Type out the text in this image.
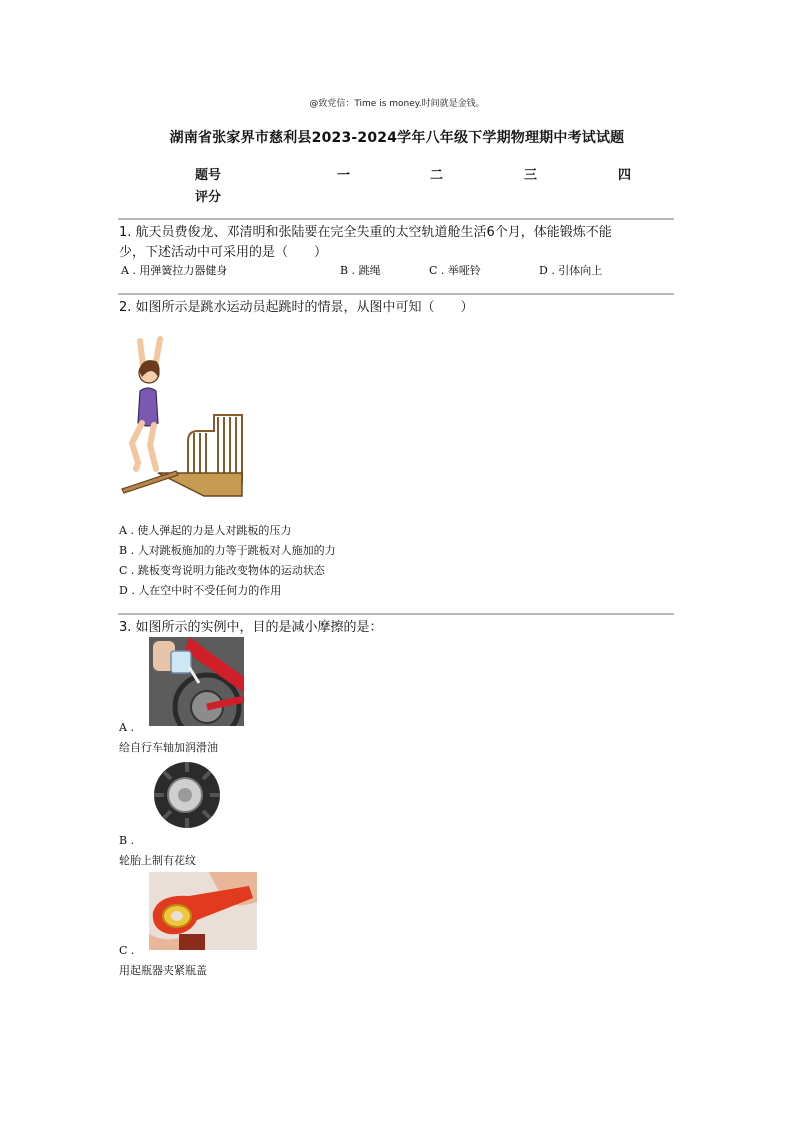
@致党信：Time is money.时间就是金钱。
湖南省张家界市慈利县2023-2024学年八年级下学期物理期中考试试题
题号	一	二	三	四
评分
1. 航天员费俊龙、邓清明和张陆要在完全失重的太空轨道舱生活6个月，体能锻炼不能
少，下述活动中可采用的是（　　）
A . 用弹簧拉力器健身	B . 跳绳	C . 举哑铃	D . 引体向上
2. 如图所示是跳水运动员起跳时的情景，从图中可知（　　）
A . 使人弹起的力是人对跳板的压力
B . 人对跳板施加的力等于跳板对人施加的力
C . 跳板变弯说明力能改变物体的运动状态
D . 人在空中时不受任何力的作用
3. 如图所示的实例中，目的是减小摩擦的是：
A .
给自行车轴加润滑油
B .
轮胎上制有花纹
C .
用起瓶器夹紧瓶盖
